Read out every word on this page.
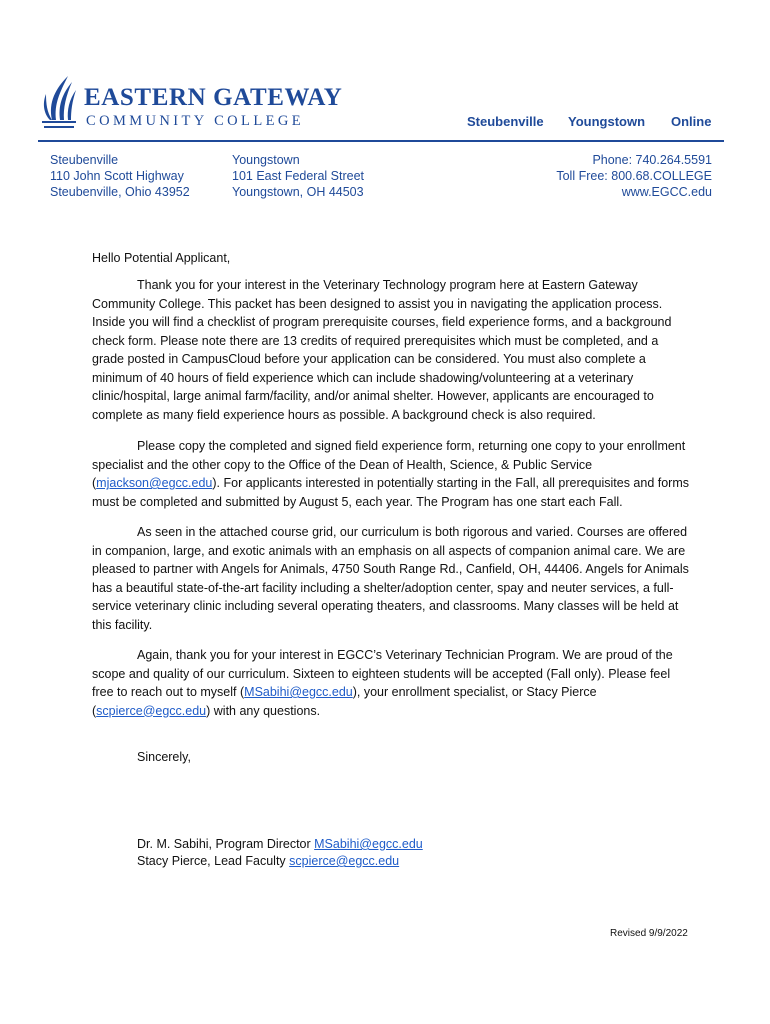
EASTERN GATEWAY
COMMUNITY COLLEGE	Steubenville Youngstown Online
Steubenville
110 John Scott Highway
Steubenville, Ohio 43952
Youngstown
101 East Federal Street
Youngstown, OH 44503
Phone: 740.264.5591
Toll Free: 800.68.COLLEGE
www.EGCC.edu
Hello Potential Applicant,

Thank you for your interest in the Veterinary Technology program here at Eastern Gateway Community College. This packet has been designed to assist you in navigating the application process. Inside you will find a checklist of program prerequisite courses, field experience forms, and a background check form. Please note there are 13 credits of required prerequisites which must be completed, and a grade posted in CampusCloud before your application can be considered. You must also complete a minimum of 40 hours of field experience which can include shadowing/volunteering at a veterinary clinic/hospital, large animal farm/facility, and/or animal shelter. However, applicants are encouraged to complete as many field experience hours as possible. A background check is also required.

Please copy the completed and signed field experience form, returning one copy to your enrollment specialist and the other copy to the Office of the Dean of Health, Science, & Public Service (mjackson@egcc.edu). For applicants interested in potentially starting in the Fall, all prerequisites and forms must be completed and submitted by August 5, each year. The Program has one start each Fall.

As seen in the attached course grid, our curriculum is both rigorous and varied. Courses are offered in companion, large, and exotic animals with an emphasis on all aspects of companion animal care. We are pleased to partner with Angels for Animals, 4750 South Range Rd., Canfield, OH, 44406. Angels for Animals has a beautiful state-of-the-art facility including a shelter/adoption center, spay and neuter services, a full-service veterinary clinic including several operating theaters, and classrooms. Many classes will be held at this facility.

Again, thank you for your interest in EGCC’s Veterinary Technician Program. We are proud of the scope and quality of our curriculum. Sixteen to eighteen students will be accepted (Fall only). Please feel free to reach out to myself (MSabihi@egcc.edu), your enrollment specialist, or Stacy Pierce (scpierce@egcc.edu) with any questions.

Sincerely,
Dr. M. Sabihi, Program Director MSabihi@egcc.edu
Stacy Pierce, Lead Faculty scpierce@egcc.edu
Revised 9/9/2022
